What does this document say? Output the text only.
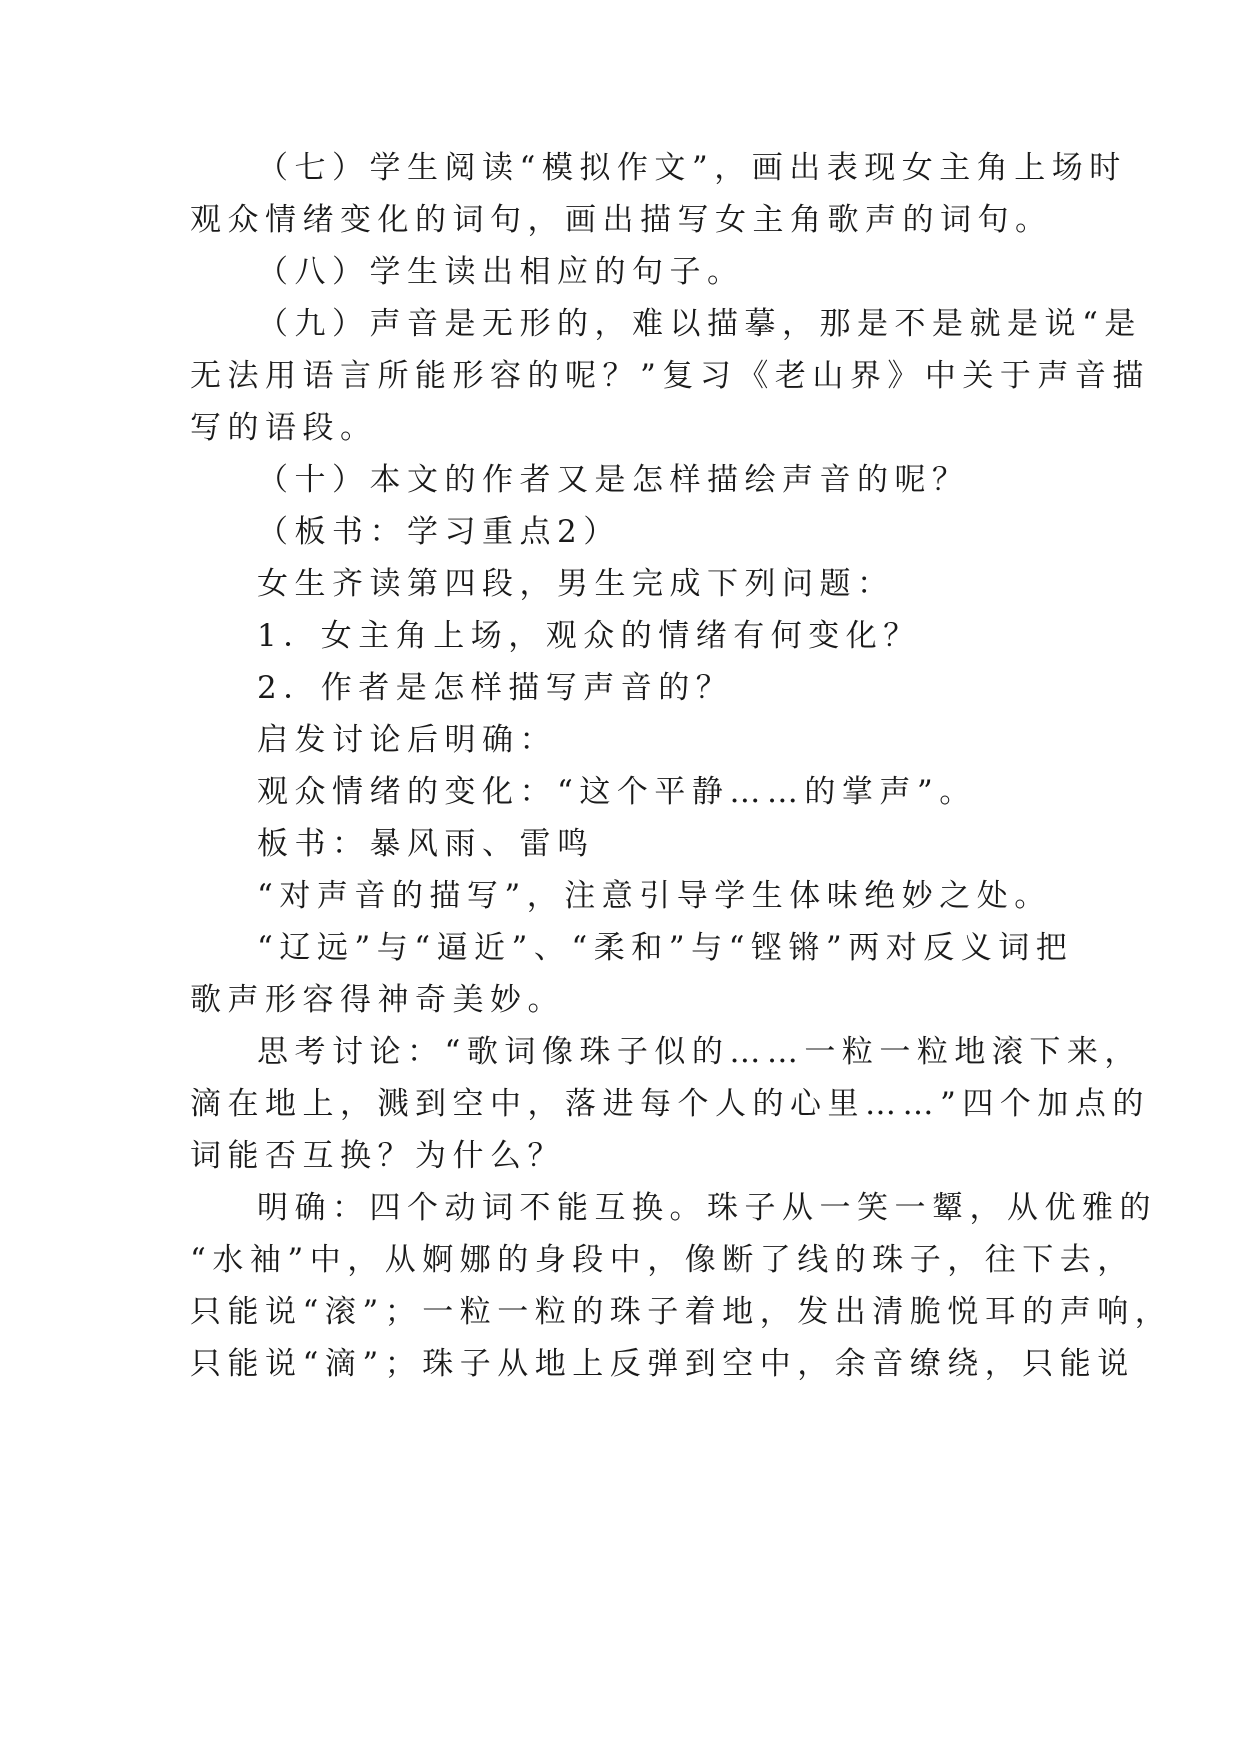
（七）学生阅读“模拟作文”，画出表现女主角上场时
观众情绪变化的词句，画出描写女主角歌声的词句。
（八）学生读出相应的句子。
（九）声音是无形的，难以描摹，那是不是就是说“是
无法用语言所能形容的呢？”复习《老山界》中关于声音描
写的语段。
（十）本文的作者又是怎样描绘声音的呢？
（板书：学习重点2）
女生齐读第四段，男生完成下列问题：
1．女主角上场，观众的情绪有何变化？
2．作者是怎样描写声音的？
启发讨论后明确：
观众情绪的变化：“这个平静……的掌声”。
板书：暴风雨、雷鸣
“对声音的描写”，注意引导学生体味绝妙之处。
“辽远”与“逼近”、“柔和”与“铿锵”两对反义词把
歌声形容得神奇美妙。
思考讨论：“歌词像珠子似的……一粒一粒地滚下来，
滴在地上，溅到空中，落进每个人的心里……”四个加点的
词能否互换？为什么？
明确：四个动词不能互换。珠子从一笑一颦，从优雅的
“水袖”中，从婀娜的身段中，像断了线的珠子，往下去，
只能说“滚”；一粒一粒的珠子着地，发出清脆悦耳的声响，
只能说“滴”；珠子从地上反弹到空中，余音缭绕，只能说
